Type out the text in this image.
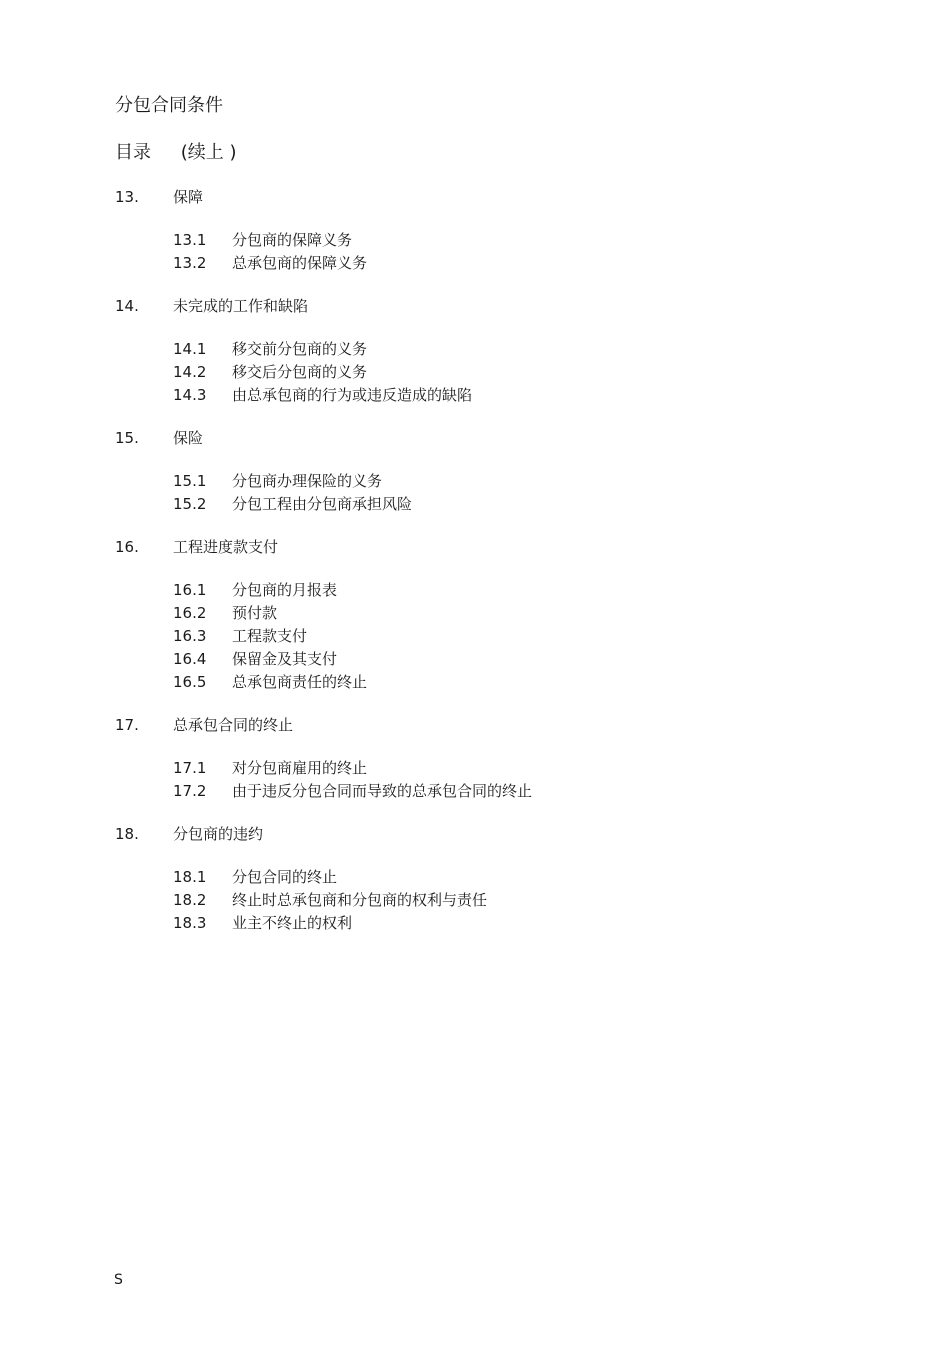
分包合同条件
目录 (续上 )
13. 保障
13.1 分包商的保障义务
13.2 总承包商的保障义务
14. 未完成的工作和缺陷
14.1 移交前分包商的义务
14.2 移交后分包商的义务
14.3 由总承包商的行为或违反造成的缺陷
15. 保险
15.1 分包商办理保险的义务
15.2 分包工程由分包商承担风险
16. 工程进度款支付
16.1 分包商的月报表
16.2 预付款
16.3 工程款支付
16.4 保留金及其支付
16.5 总承包商责任的终止
17. 总承包合同的终止
17.1 对分包商雇用的终止
17.2 由于违反分包合同而导致的总承包合同的终止
18. 分包商的违约
18.1 分包合同的终止
18.2 终止时总承包商和分包商的权利与责任
18.3 业主不终止的权利
S
